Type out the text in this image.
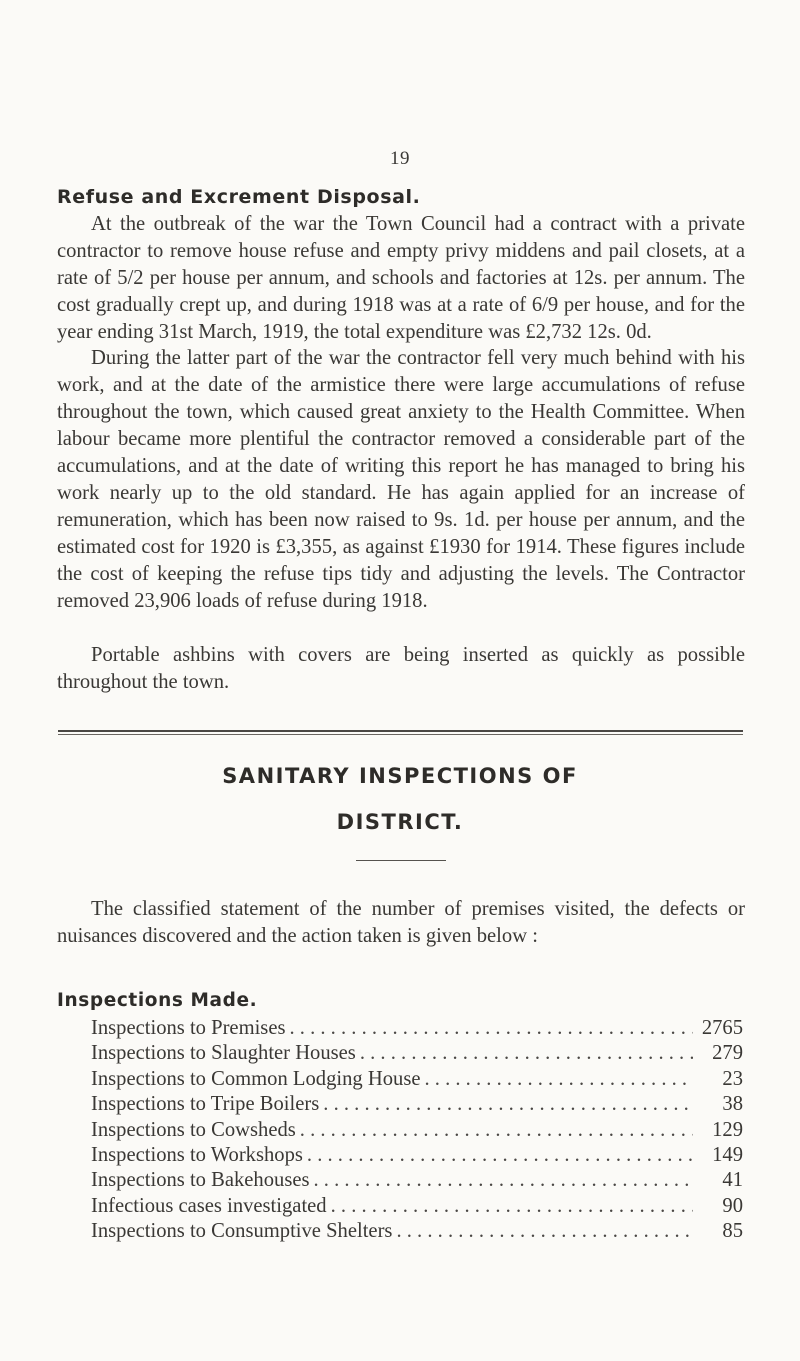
19
Refuse and Excrement Disposal.

At the outbreak of the war the Town Council had a contract with a private contractor to remove house refuse and empty privy middens and pail closets, at a rate of 5/2 per house per annum, and schools and factories at 12s. per annum. The cost gradually crept up, and during 1918 was at a rate of 6/9 per house, and for the year ending 31st March, 1919, the total expenditure was £2,732 12s. 0d.

During the latter part of the war the contractor fell very much behind with his work, and at the date of the armistice there were large accumulations of refuse throughout the town, which caused great anxiety to the Health Committee. When labour became more plentiful the contractor removed a considerable part of the accumulations, and at the date of writing this report he has managed to bring his work nearly up to the old standard. He has again applied for an increase of remuneration, which has been now raised to 9s. 1d. per house per annum, and the estimated cost for 1920 is £3,355, as against £1930 for 1914. These figures include the cost of keeping the refuse tips tidy and adjusting the levels. The Contractor removed 23,906 loads of refuse during 1918.

Portable ashbins with covers are being inserted as quickly as possible throughout the town.

SANITARY INSPECTIONS OF
DISTRICT.

The classified statement of the number of premises visited, the defects or nuisances discovered and the action taken is given below :

Inspections Made.
Inspections to Premises . . .	2765
Inspections to Slaughter Houses . . .	279
Inspections to Common Lodging House . . .	23
Inspections to Tripe Boilers . . .	38
Inspections to Cowsheds . . .	129
Inspections to Workshops . . .	149
Inspections to Bakehouses . . .	41
Infectious cases investigated . . .	90
Inspections to Consumptive Shelters . . .	85
